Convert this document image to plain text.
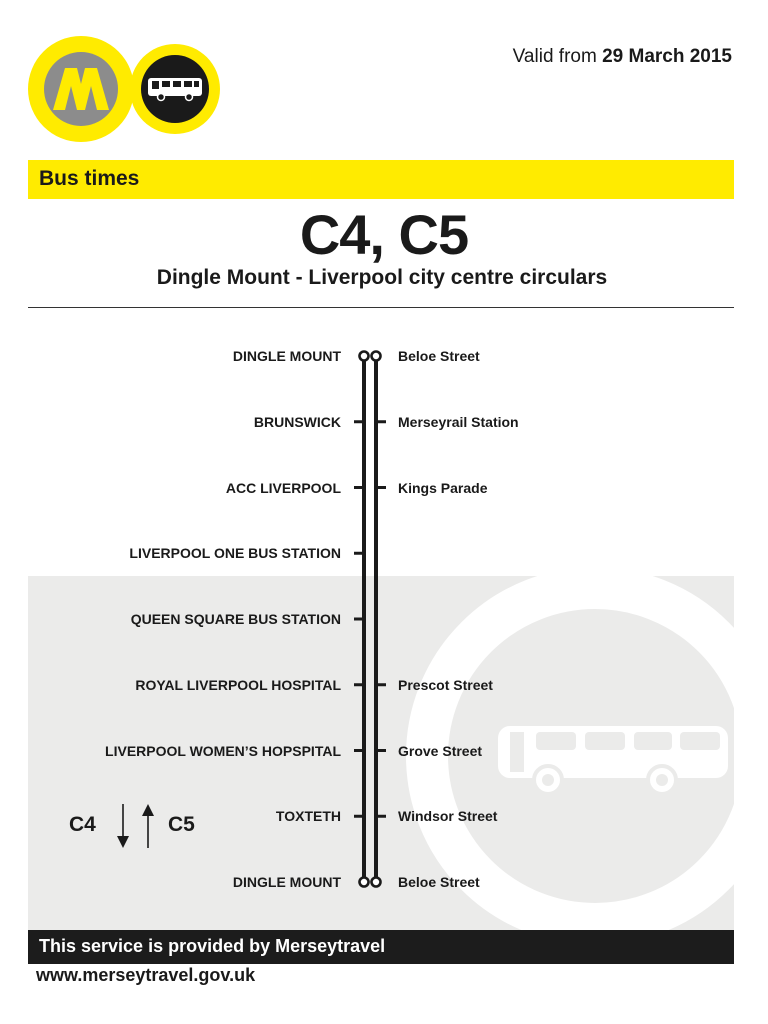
Valid from 29 March 2015
Bus times
C4, C5
Dingle Mount - Liverpool city centre circulars
DINGLE MOUNT	Beloe Street
BRUNSWICK	Merseyrail Station
ACC LIVERPOOL	Kings Parade
LIVERPOOL ONE BUS STATION
QUEEN SQUARE BUS STATION
ROYAL LIVERPOOL HOSPITAL	Prescot Street
LIVERPOOL WOMEN’S HOPSPITAL	Grove Street
TOXTETH	Windsor Street
DINGLE MOUNT	Beloe Street
C4	C5
This service is provided by Merseytravel
www.merseytravel.gov.uk
